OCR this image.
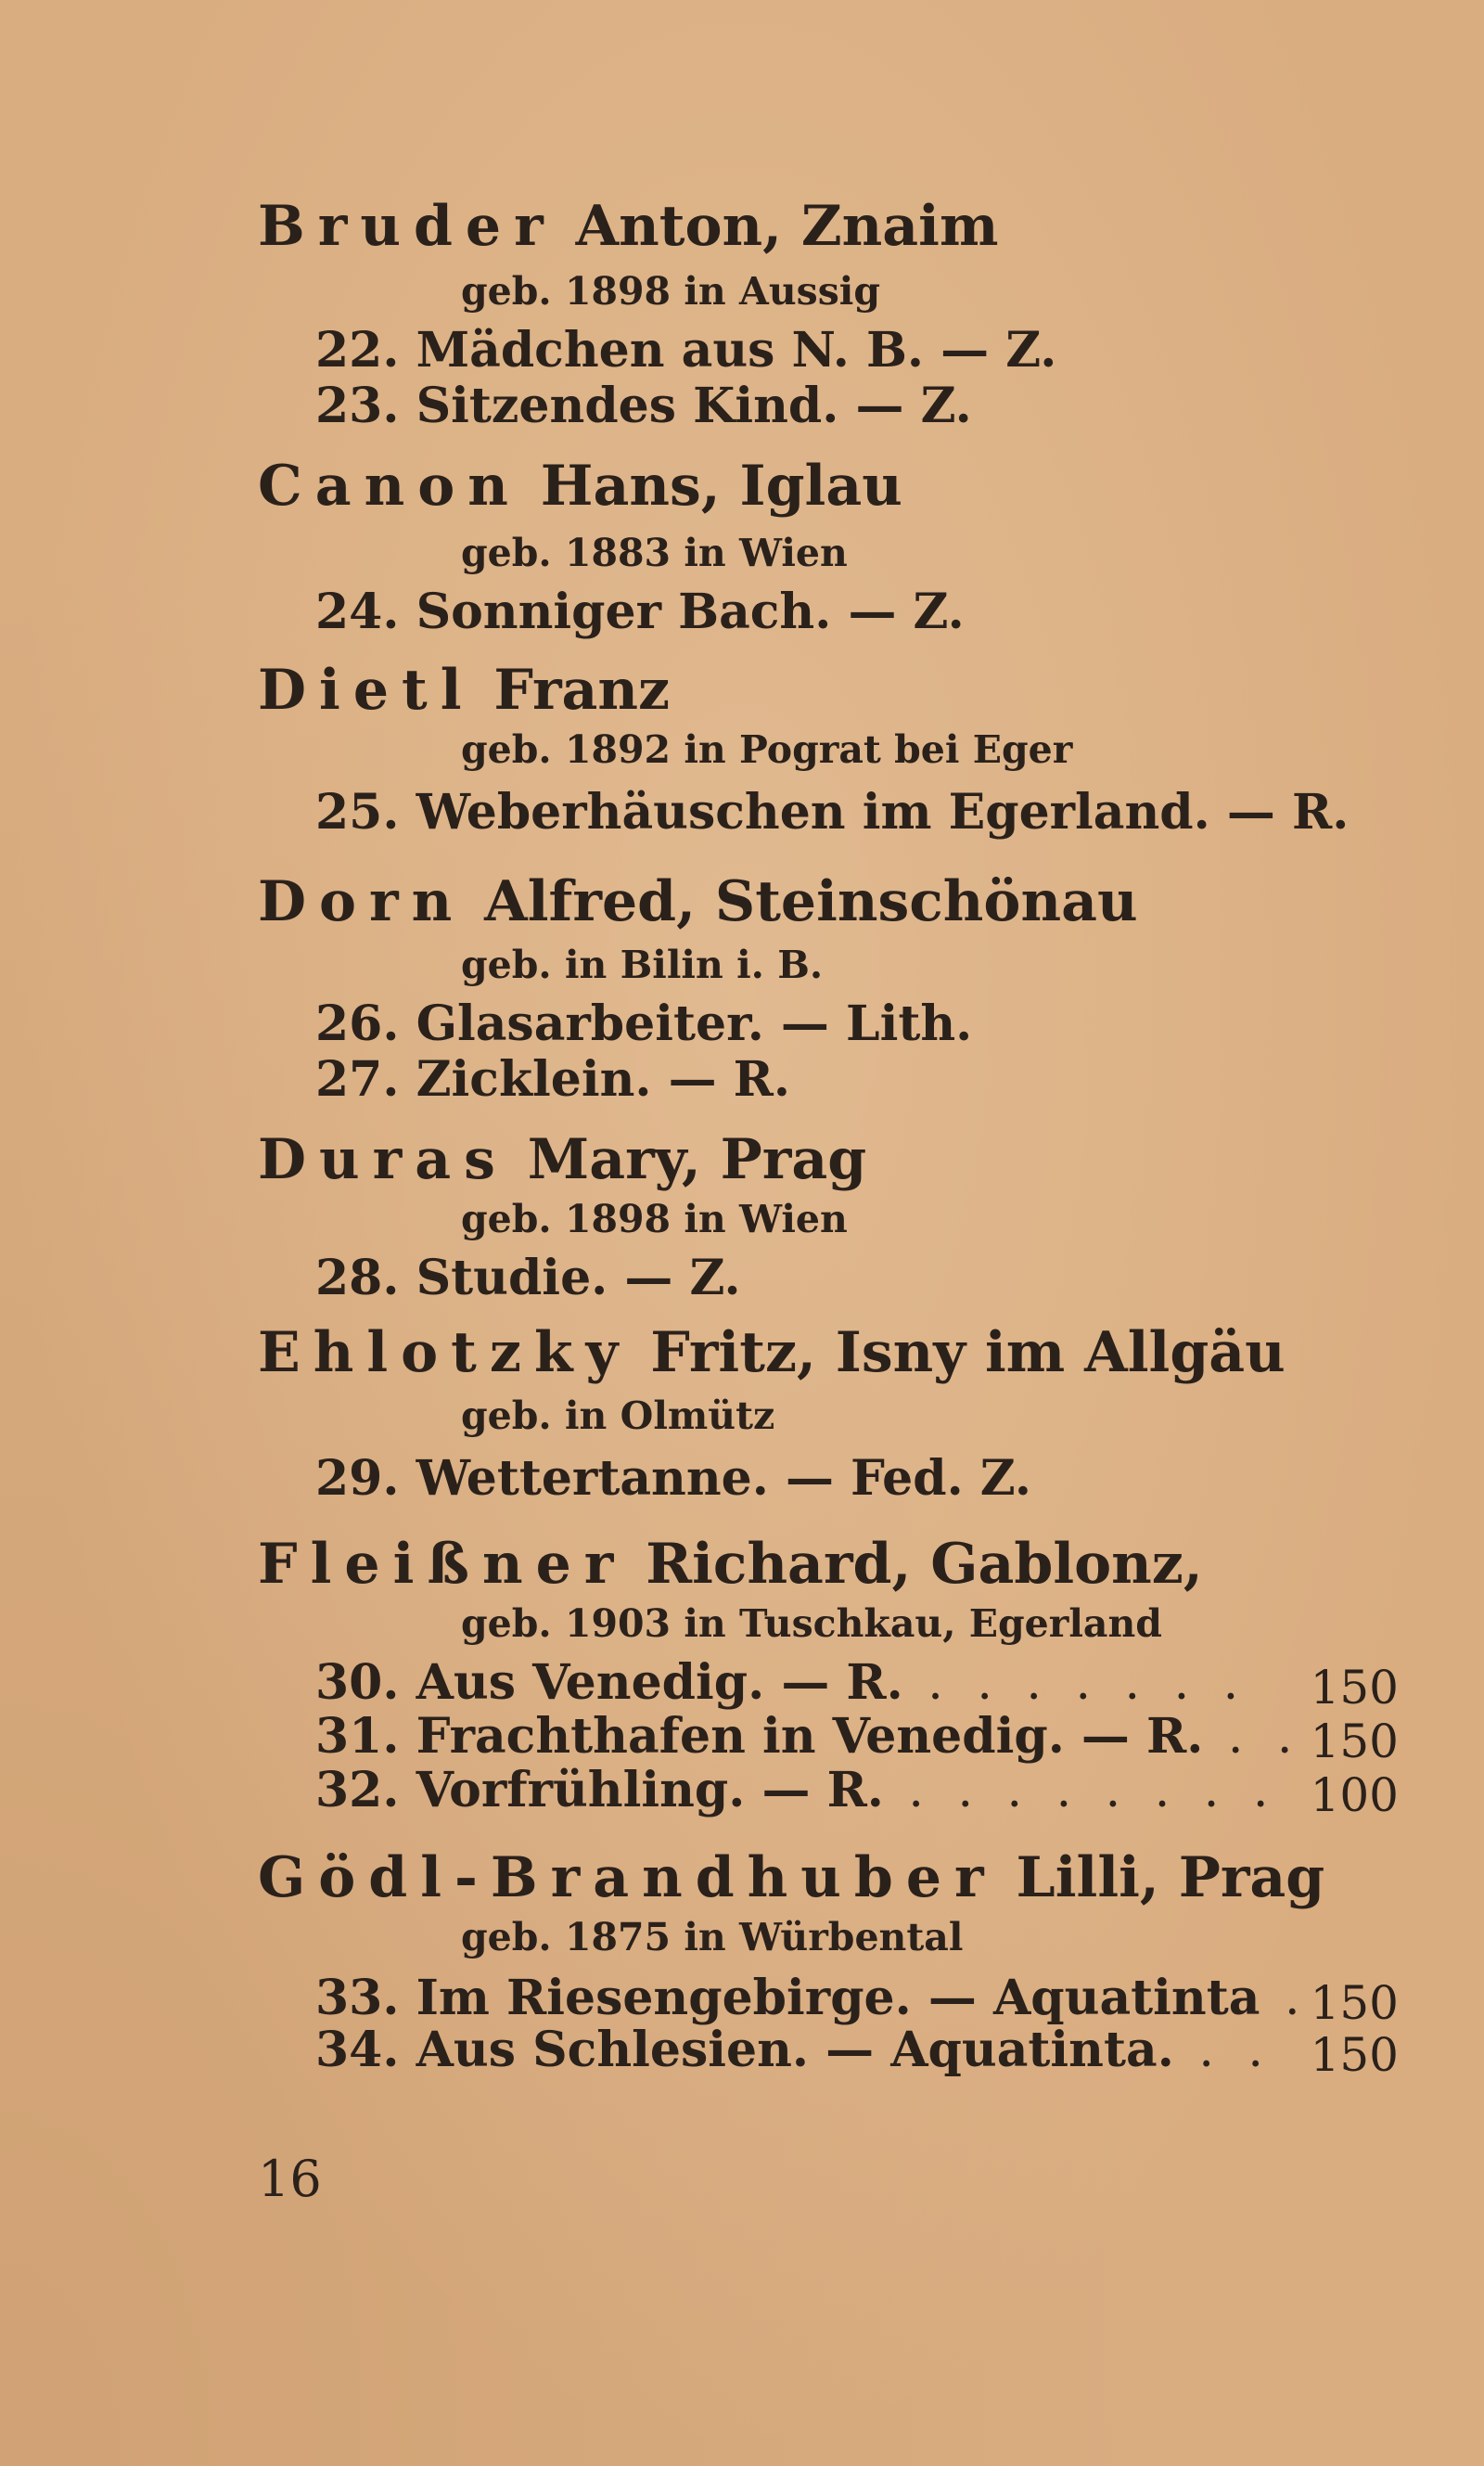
Bruder Anton, Znaim
geb. 1898 in Aussig
22. Mädchen aus N. B. — Z.
23. Sitzendes Kind. — Z.
Canon Hans, Iglau
geb. 1883 in Wien
24. Sonniger Bach. — Z.
Dietl Franz
geb. 1892 in Pograt bei Eger
25. Weberhäuschen im Egerland. — R.
Dorn Alfred, Steinschönau
geb. in Bilin i. B.
26. Glasarbeiter. — Lith.
27. Zicklein. — R.
Duras Mary, Prag
geb. 1898 in Wien
28. Studie. — Z.
Ehlotzky Fritz, Isny im Allgäu
geb. in Olmütz
29. Wettertanne. — Fed. Z.
Fleißner Richard, Gablonz,
geb. 1903 in Tuschkau, Egerland
30. Aus Venedig. — R. . . . . . . . 150
31. Frachthafen in Venedig. — R. . . 150
32. Vorfrühling. — R. . . . . . . . . 100
Gödl-Brandhuber Lilli, Prag
geb. 1875 in Würbental
33. Im Riesengebirge. — Aquatinta . 150
34. Aus Schlesien. — Aquatinta. . . 150
16
